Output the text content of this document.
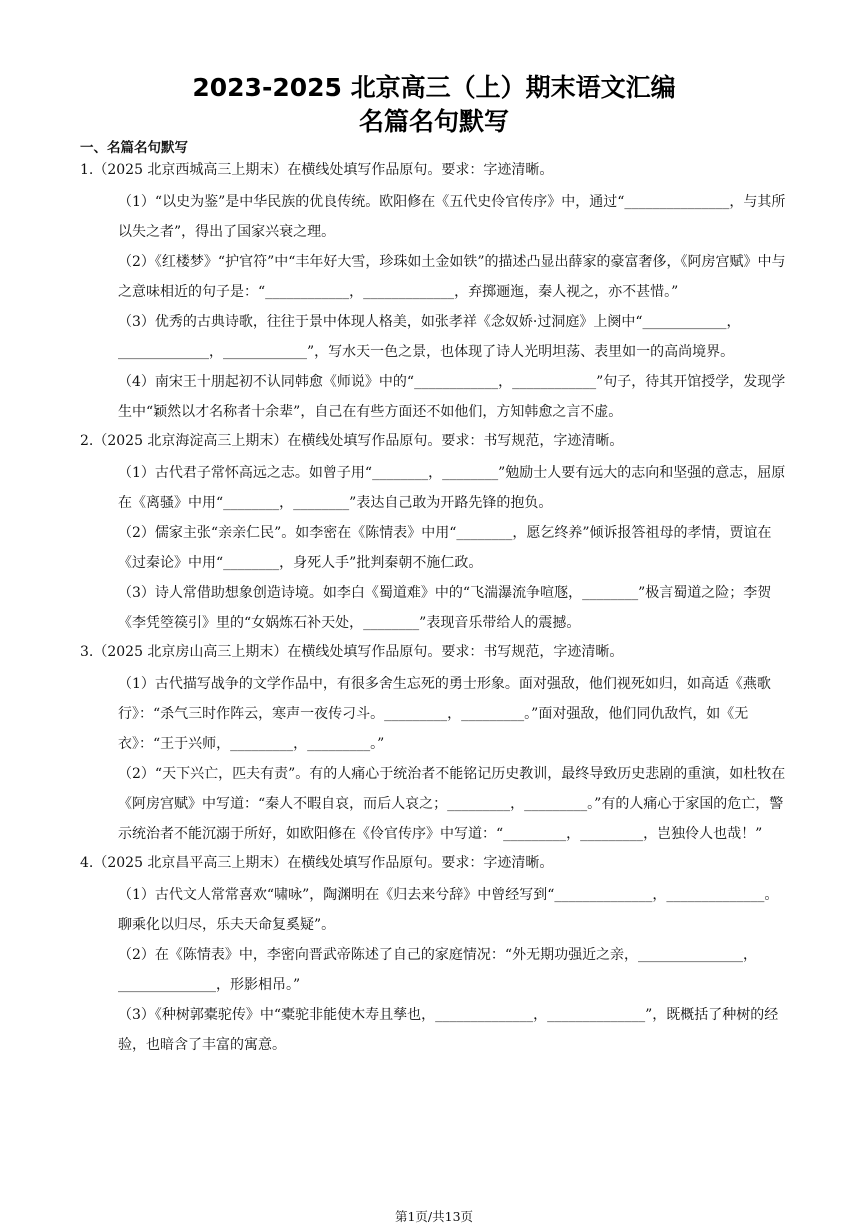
2023-2025 北京高三（上）期末语文汇编
名篇名句默写
一、名篇名句默写
1.（2025 北京西城高三上期末）在横线处填写作品原句。要求：字迹清晰。
（1）“以史为鉴”是中华民族的优良传统。欧阳修在《五代史伶官传序》中，通过“_______________，与其所以失之者”，得出了国家兴衰之理。
（2）《红楼梦》“护官符”中“丰年好大雪，珍珠如土金如铁”的描述凸显出薛家的豪富奢侈，《阿房宫赋》中与之意味相近的句子是：“____________，_____________，弃掷逦迤，秦人视之，亦不甚惜。”
（3）优秀的古典诗歌，往往于景中体现人格美，如张孝祥《念奴娇·过洞庭》上阕中“____________，_____________，____________”，写水天一色之景，也体现了诗人光明坦荡、表里如一的高尚境界。
（4）南宋王十朋起初不认同韩愈《师说》中的“____________，____________”句子，待其开馆授学，发现学生中“颖然以才名称者十余辈”，自己在有些方面还不如他们，方知韩愈之言不虚。
2.（2025 北京海淀高三上期末）在横线处填写作品原句。要求：书写规范，字迹清晰。
（1）古代君子常怀高远之志。如曾子用“________，________”勉励士人要有远大的志向和坚强的意志，屈原在《离骚》中用“________，________”表达自己敢为开路先锋的抱负。
（2）儒家主张“亲亲仁民”。如李密在《陈情表》中用“________，愿乞终养”倾诉报答祖母的孝情，贾谊在《过秦论》中用“________，身死人手”批判秦朝不施仁政。
（3）诗人常借助想象创造诗境。如李白《蜀道难》中的“飞湍瀑流争喧豗，________”极言蜀道之险；李贺《李凭箜篌引》里的“女娲炼石补天处，________”表现音乐带给人的震撼。
3.（2025 北京房山高三上期末）在横线处填写作品原句。要求：书写规范，字迹清晰。
（1）古代描写战争的文学作品中，有很多舍生忘死的勇士形象。面对强敌，他们视死如归，如高适《燕歌行》：“杀气三时作阵云，寒声一夜传刁斗。_________，_________。”面对强敌，他们同仇敌忾，如《无衣》：“王于兴师，_________，_________。”
（2）“天下兴亡，匹夫有责”。有的人痛心于统治者不能铭记历史教训，最终导致历史悲剧的重演，如杜牧在《阿房宫赋》中写道：“秦人不暇自哀，而后人哀之；_________，_________。”有的人痛心于家国的危亡，警示统治者不能沉溺于所好，如欧阳修在《伶官传序》中写道：“_________，_________，岂独伶人也哉！”
4.（2025 北京昌平高三上期末）在横线处填写作品原句。要求：字迹清晰。
（1）古代文人常常喜欢“啸咏”，陶渊明在《归去来兮辞》中曾经写到“______________，______________。聊乘化以归尽，乐夫天命复奚疑”。
（2）在《陈情表》中，李密向晋武帝陈述了自己的家庭情况：“外无期功强近之亲，_______________，______________，形影相吊。”
（3）《种树郭橐驼传》中“橐驼非能使木寿且孳也，______________，______________”，既概括了种树的经验，也暗含了丰富的寓意。
第1页/共13页
